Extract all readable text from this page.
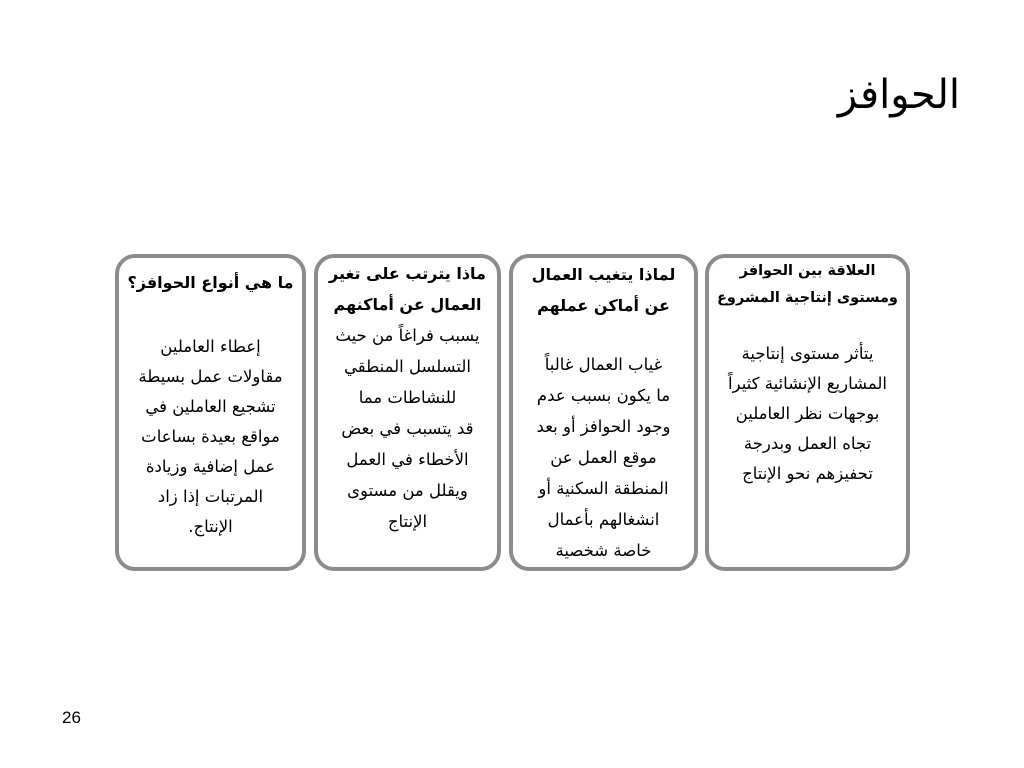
الحوافز
العلاقة بين الحوافز
ومستوى إنتاجية المشروع
يتأثر مستوى إنتاجية
المشاريع الإنشائية كثيراً
بوجهات نظر العاملين
تجاه العمل وبدرجة
تحفيزهم نحو الإنتاج
لماذا يتغيب العمال
عن أماكن عملهم
غياب العمال غالباً
ما يكون بسبب عدم
وجود الحوافز أو بعد
موقع العمل عن
المنطقة السكنية أو
انشغالهم بأعمال
خاصة شخصية
ماذا يترتب على تغير
العمال عن أماكنهم
يسبب فراغاً من حيث
التسلسل المنطقي
للنشاطات مما
قد يتسبب في بعض
الأخطاء في العمل
ويقلل من مستوى
الإنتاج
ما هي أنواع الحوافز؟
إعطاء العاملين
مقاولات عمل بسيطة
تشجيع العاملين في
مواقع بعيدة بساعات
عمل إضافية وزيادة
المرتبات إذا زاد
الإنتاج.
26
